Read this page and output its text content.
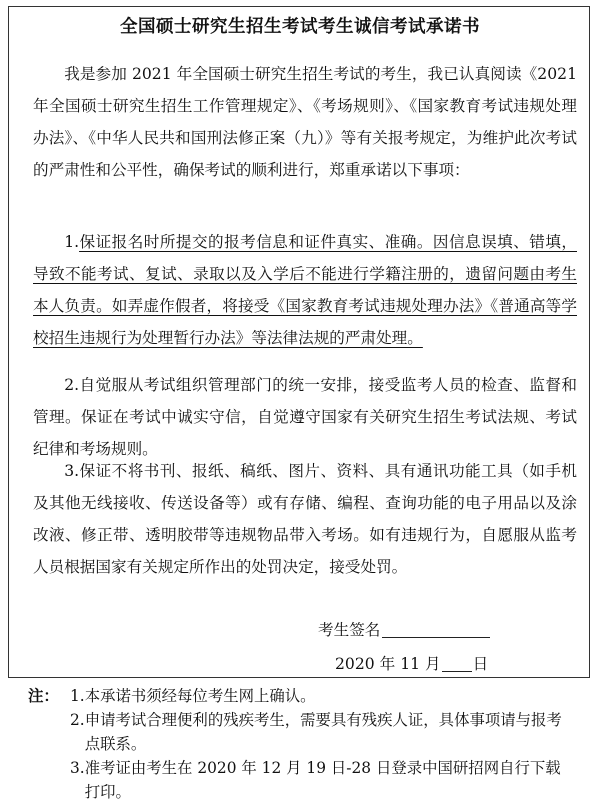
全国硕士研究生招生考试考生诚信考试承诺书
我是参加 2021 年全国硕士研究生招生考试的考生，我已认真阅读《2021 年全国硕士研究生招生工作管理规定》、《考场规则》、《国家教育考试违规处理办法》、《中华人民共和国刑法修正案（九）》等有关报考规定，为维护此次考试的严肃性和公平性，确保考试的顺利进行，郑重承诺以下事项：
1.保证报名时所提交的报考信息和证件真实、准确。因信息误填、错填，导致不能考试、复试、录取以及入学后不能进行学籍注册的，遗留问题由考生本人负责。如弄虚作假者，将接受《国家教育考试违规处理办法》《普通高等学校招生违规行为处理暂行办法》等法律法规的严肃处理。
2.自觉服从考试组织管理部门的统一安排，接受监考人员的检查、监督和管理。保证在考试中诚实守信，自觉遵守国家有关研究生招生考试法规、考试纪律和考场规则。
3.保证不将书刊、报纸、稿纸、图片、资料、具有通讯功能工具（如手机及其他无线接收、传送设备等）或有存储、编程、查询功能的电子用品以及涂改液、修正带、透明胶带等违规物品带入考场。如有违规行为，自愿服从监考人员根据国家有关规定所作出的处罚决定，接受处罚。
考生签名
2020 年 11 月 日
注： 1. 本承诺书须经每位考生网上确认。
2. 申请考试合理便利的残疾考生，需要具有残疾人证，具体事项请与报考点联系。
3. 准考证由考生在 2020 年 12 月 19 日-28 日登录中国研招网自行下载打印。
